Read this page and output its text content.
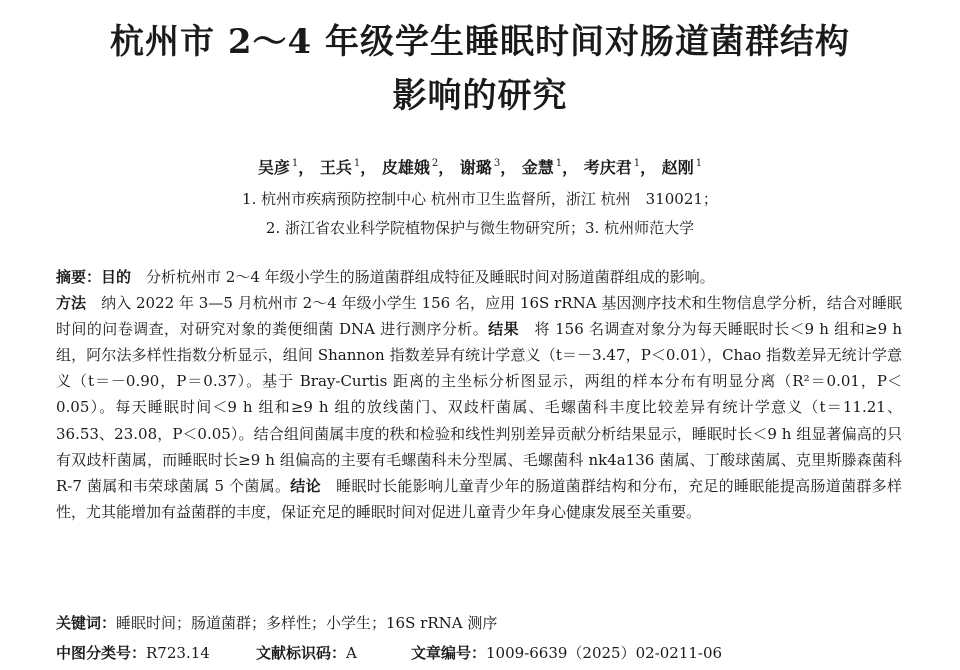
杭州市 2～4 年级学生睡眠时间对肠道菌群结构
影响的研究
吴彦 $^1$， 王兵 $^1$， 皮雄娥 $^2$， 谢璐 $^3$， 金慧 $^1$， 考庆君 $^1$， 赵刚 $^1$
1. 杭州市疾病预防控制中心 杭州市卫生监督所，浙江 杭州　310021；
2. 浙江省农业科学院植物保护与微生物研究所；3. 杭州师范大学

摘要：目的　分析杭州市 2～4 年级小学生的肠道菌群组成特征及睡眠时间对肠道菌群组成的影响。
方法　纳入 2022 年 3—5 月杭州市 2～4 年级小学生 156 名，应用 16S rRNA 基因测序技术和生物信息学分析，结合对睡眠时间的问卷调查，对研究对象的粪便细菌 DNA 进行测序分析。结果　将 156 名调查对象分为每天睡眠时长＜9 h 组和≥9 h 组，阿尔法多样性指数分析显示，组间 Shannon 指数差异有统计学意义（t＝－3.47，P＜0.01），Chao 指数差异无统计学意义（t＝－0.90，P＝0.37）。基于 Bray-Curtis 距离的主坐标分析图显示，两组的样本分布有明显分离（R²＝0.01，P＜0.05）。每天睡眠时间＜9 h 组和≥9 h 组的放线菌门、双歧杆菌属、毛螺菌科丰度比较差异有统计学意义（t＝11.21、36.53、23.08，P＜0.05）。结合组间菌属丰度的秩和检验和线性判别差异贡献分析结果显示，睡眠时长＜9 h 组显著偏高的只有双歧杆菌属，而睡眠时长≥9 h 组偏高的主要有毛螺菌科未分型属、毛螺菌科 nk4a136 菌属、丁酸球菌属、克里斯滕森菌科 R-7 菌属和韦荣球菌属 5 个菌属。结论　睡眠时长能影响儿童青少年的肠道菌群结构和分布，充足的睡眠能提高肠道菌群多样性，尤其能增加有益菌群的丰度，保证充足的睡眠时间对促进儿童青少年身心健康发展至关重要。

关键词：睡眠时间；肠道菌群；多样性；小学生；16S rRNA 测序
中图分类号：R723.14	文献标识码：A	文章编号：1009-6639（2025）02-0211-06
